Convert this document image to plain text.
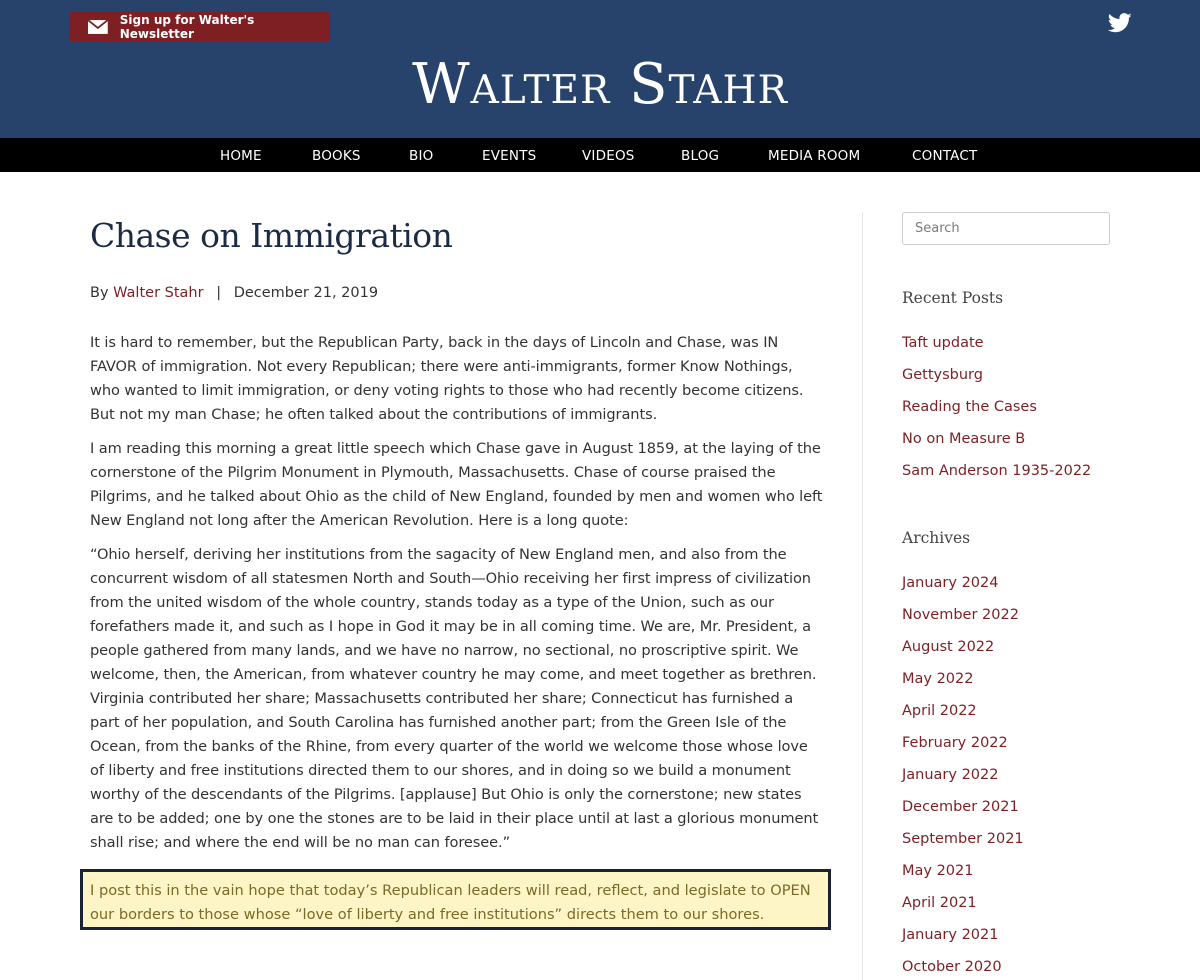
Sign up for Walter's Newsletter
Walter Stahr
HOME	BOOKS	BIO	EVENTS	VIDEOS	BLOG	MEDIA ROOM	CONTACT
Chase on Immigration
By Walter Stahr | December 21, 2019

It is hard to remember, but the Republican Party, back in the days of Lincoln and Chase, was IN FAVOR of immigration. Not every Republican; there were anti-immigrants, former Know Nothings, who wanted to limit immigration, or deny voting rights to those who had recently become citizens. But not my man Chase; he often talked about the contributions of immigrants.

I am reading this morning a great little speech which Chase gave in August 1859, at the laying of the cornerstone of the Pilgrim Monument in Plymouth, Massachusetts. Chase of course praised the Pilgrims, and he talked about Ohio as the child of New England, founded by men and women who left New England not long after the American Revolution. Here is a long quote:

“Ohio herself, deriving her institutions from the sagacity of New England men, and also from the concurrent wisdom of all statesmen North and South—Ohio receiving her first impress of civilization from the united wisdom of the whole country, stands today as a type of the Union, such as our forefathers made it, and such as I hope in God it may be in all coming time. We are, Mr. President, a people gathered from many lands, and we have no narrow, no sectional, no proscriptive spirit. We welcome, then, the American, from whatever country he may come, and meet together as brethren. Virginia contributed her share; Massachusetts contributed her share; Connecticut has furnished a part of her population, and South Carolina has furnished another part; from the Green Isle of the Ocean, from the banks of the Rhine, from every quarter of the world we welcome those whose love of liberty and free institutions directed them to our shores, and in doing so we build a monument worthy of the descendants of the Pilgrims. [applause] But Ohio is only the cornerstone; new states are to be added; one by one the stones are to be laid in their place until at last a glorious monument shall rise; and where the end will be no man can foresee.”

I post this in the vain hope that today’s Republican leaders will read, reflect, and legislate to OPEN our borders to those whose “love of liberty and free institutions” directs them to our shores.
Search
Recent Posts
Taft update
Gettysburg
Reading the Cases
No on Measure B
Sam Anderson 1935-2022
Archives
January 2024
November 2022
August 2022
May 2022
April 2022
February 2022
January 2022
December 2021
September 2021
May 2021
April 2021
January 2021
October 2020
